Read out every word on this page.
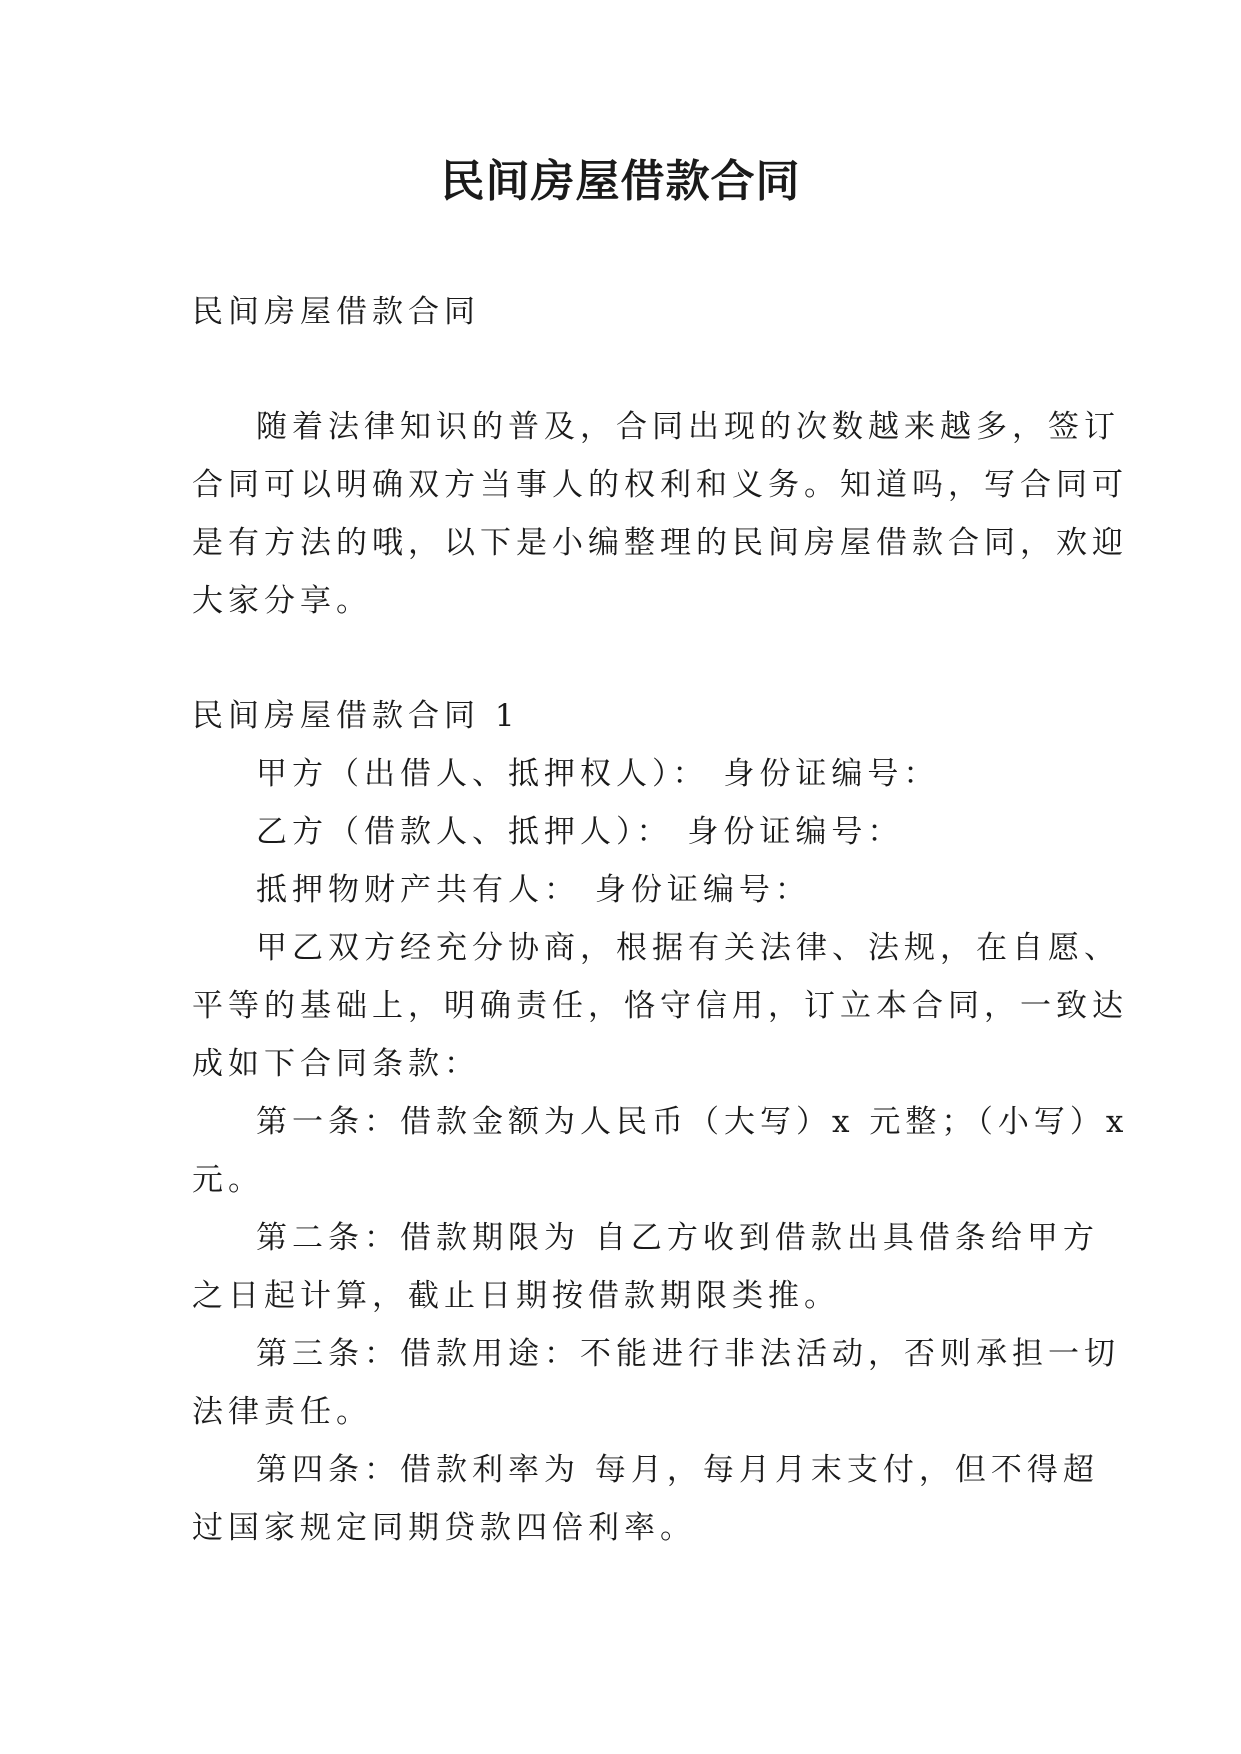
民间房屋借款合同

民间房屋借款合同

随着法律知识的普及，合同出现的次数越来越多，签订

合同可以明确双方当事人的权利和义务。知道吗，写合同可

是有方法的哦，以下是小编整理的民间房屋借款合同，欢迎

大家分享。

民间房屋借款合同 1

甲方（出借人、抵押权人）： 身份证编号：

乙方（借款人、抵押人）： 身份证编号：

抵押物财产共有人： 身份证编号：

甲乙双方经充分协商，根据有关法律、法规，在自愿、

平等的基础上，明确责任，恪守信用，订立本合同，一致达

成如下合同条款：

第一条：借款金额为人民币（大写）x 元整；（小写）x

元。

第二条：借款期限为 自乙方收到借款出具借条给甲方

之日起计算，截止日期按借款期限类推。

第三条：借款用途：不能进行非法活动，否则承担一切

法律责任。

第四条：借款利率为 每月，每月月末支付，但不得超

过国家规定同期贷款四倍利率。
